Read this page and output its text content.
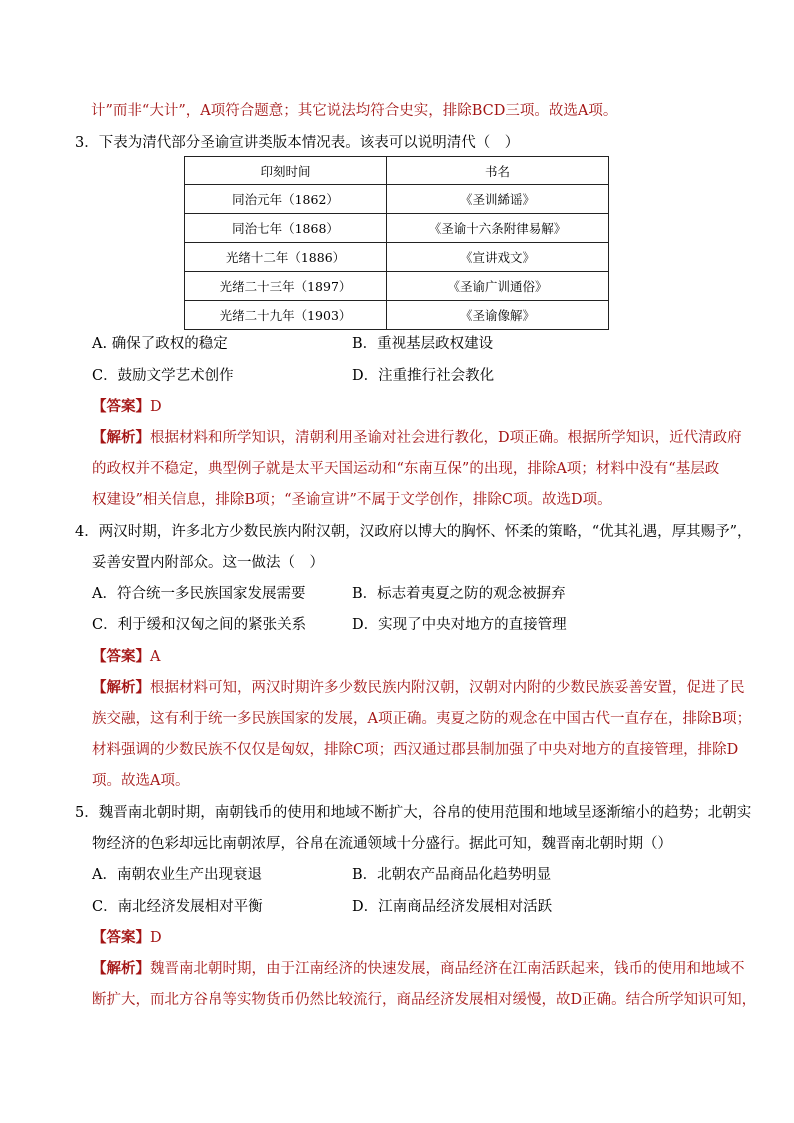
计”而非“大计”，A项符合题意；其它说法均符合史实，排除BCD三项。故选A项。
3．下表为清代部分圣谕宣讲类版本情况表。该表可以说明清代（　）
印刻时间	书名
同治元年（1862）	《圣训絺谣》
同治七年（1868）	《圣谕十六条附律易解》
光绪十二年（1886）	《宣讲戏文》
光绪二十三年（1897）	《圣谕广训通俗》
光绪二十九年（1903）	《圣谕像解》
A. 确保了政权的稳定	B．重视基层政权建设
C．鼓励文学艺术创作	D．注重推行社会教化
【答案】D
【解析】根据材料和所学知识，清朝利用圣谕对社会进行教化，D项正确。根据所学知识，近代清政府
的政权并不稳定，典型例子就是太平天国运动和“东南互保”的出现，排除A项；材料中没有“基层政
权建设”相关信息，排除B项；“圣谕宣讲”不属于文学创作，排除C项。故选D项。
4．两汉时期，许多北方少数民族内附汉朝，汉政府以博大的胸怀、怀柔的策略，“优其礼遇，厚其赐予”，
妥善安置内附部众。这一做法（　）
A．符合统一多民族国家发展需要	B．标志着夷夏之防的观念被摒弃
C．利于缓和汉匈之间的紧张关系	D．实现了中央对地方的直接管理
【答案】A
【解析】根据材料可知，两汉时期许多少数民族内附汉朝，汉朝对内附的少数民族妥善安置，促进了民
族交融，这有利于统一多民族国家的发展，A项正确。夷夏之防的观念在中国古代一直存在，排除B项；
材料强调的少数民族不仅仅是匈奴，排除C项；西汉通过郡县制加强了中央对地方的直接管理，排除D
项。故选A项。
5．魏晋南北朝时期，南朝钱币的使用和地域不断扩大，谷帛的使用范围和地域呈逐渐缩小的趋势；北朝实
物经济的色彩却远比南朝浓厚，谷帛在流通领域十分盛行。据此可知，魏晋南北朝时期（）
A．南朝农业生产出现衰退	B．北朝农产品商品化趋势明显
C．南北经济发展相对平衡	D．江南商品经济发展相对活跃
【答案】D
【解析】魏晋南北朝时期，由于江南经济的快速发展，商品经济在江南活跃起来，钱币的使用和地域不
断扩大，而北方谷帛等实物货币仍然比较流行，商品经济发展相对缓慢，故D正确。结合所学知识可知，
